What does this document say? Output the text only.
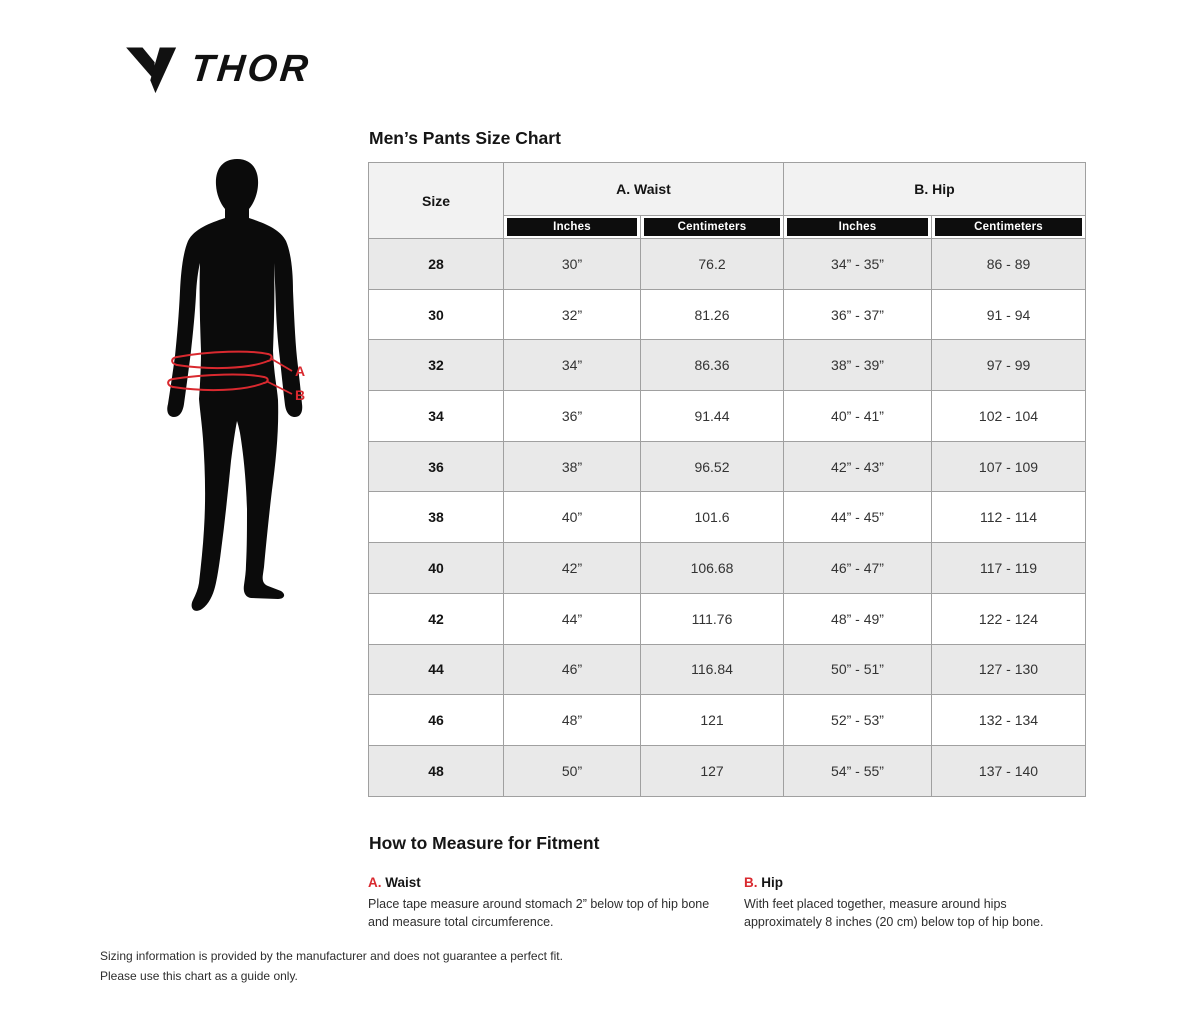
THOR
A
B
Men’s Pants Size Chart
Size	A. Waist		B. Hip	

	Inches	Centimeters	Inches	Centimeters

28	30”	76.2	34” - 35”	86 - 89
30	32”	81.26	36” - 37”	91 - 94
32	34”	86.36	38” - 39”	97 - 99
34	36”	91.44	40” - 41”	102 - 104
36	38”	96.52	42” - 43”	107 - 109
38	40”	101.6	44” - 45”	112 - 114
40	42”	106.68	46” - 47”	117 - 119
42	44”	111.76	48” - 49”	122 - 124
44	46”	116.84	50” - 51”	127 - 130
46	48”	121	52” - 53”	132 - 134
48	50”	127	54” - 55”	137 - 140
How to Measure for Fitment
A. Waist

Place tape measure around stomach 2” below top of hip bone and measure total circumference.

B. Hip

With feet placed together, measure around hips approximately 8 inches (20 cm) below top of hip bone.

Sizing information is provided by the manufacturer and does not guarantee a perfect fit.
Please use this chart as a guide only.
